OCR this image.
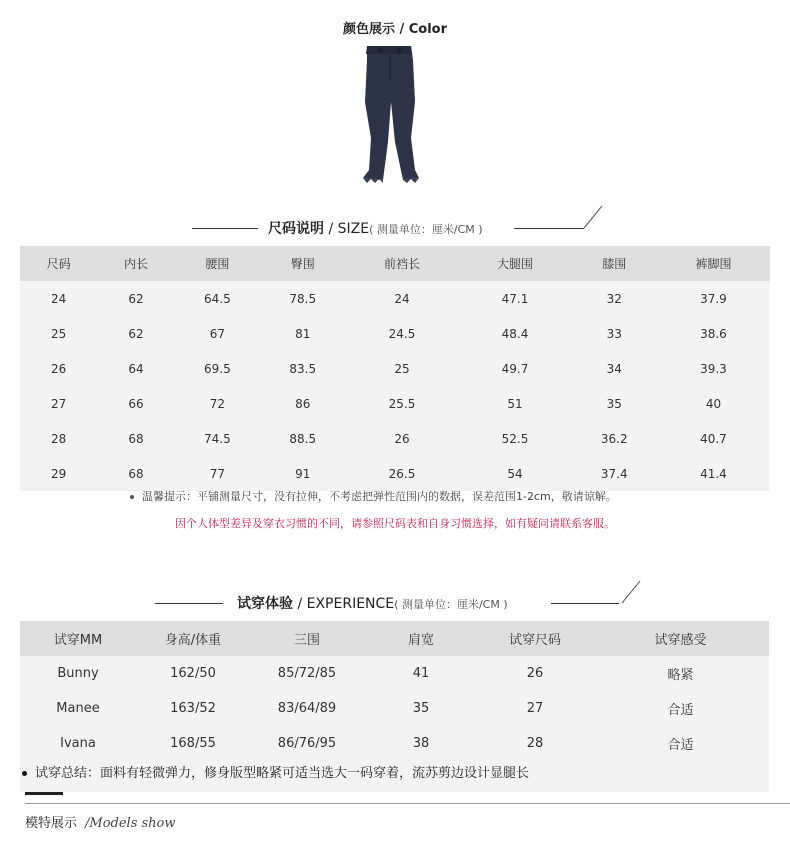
颜色展示 / Color
尺码说明 / SIZE( 测量单位：厘米/CM )
尺码	内长	腰围	臀围	前裆长	大腿围	膝围	裤脚围
24	62	64.5	78.5	24	47.1	32	37.9
25	62	67	81	24.5	48.4	33	38.6
26	64	69.5	83.5	25	49.7	34	39.3
27	66	72	86	25.5	51	35	40
28	68	74.5	88.5	26	52.5	36.2	40.7
29	68	77	91	26.5	54	37.4	41.4
温馨提示：平铺测量尺寸，没有拉伸，不考虑把弹性范围内的数据，误差范围1-2cm，敬请谅解。
因个人体型差异及穿衣习惯的不同，请参照尺码表和自身习惯选择，如有疑问请联系客服。
试穿体验 / EXPERIENCE( 测量单位：厘米/CM )
试穿MM	身高/体重	三围	肩宽	试穿尺码	试穿感受
Bunny	162/50	85/72/85	41	26	略紧
Manee	163/52	83/64/89	35	27	合适
Ivana	168/55	86/76/95	38	28	合适
试穿总结：面料有轻微弹力，修身版型略紧可适当选大一码穿着，流苏剪边设计显腿长
模特展示 /Models show
